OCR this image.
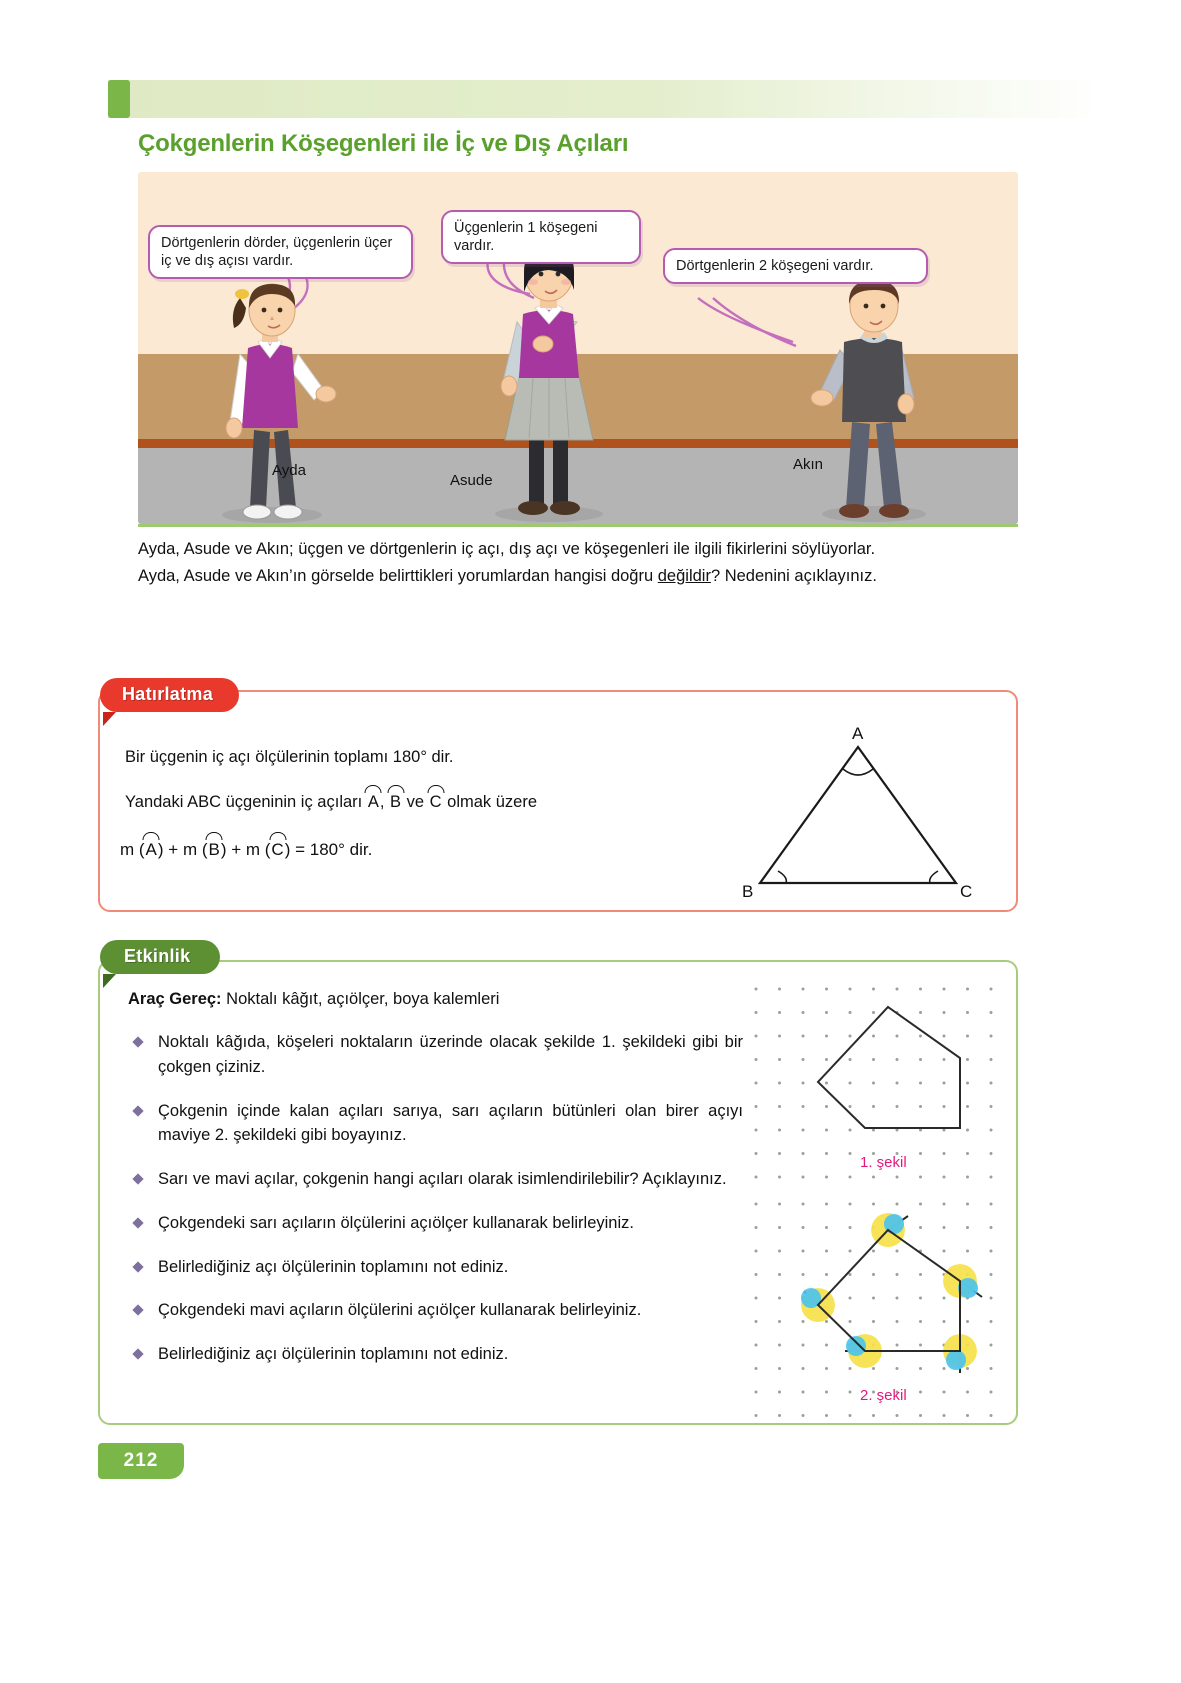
Çokgenlerin Köşegenleri ile İç ve Dış Açıları
Dörtgenlerin dörder, üçgenlerin üçer iç ve dış açısı vardır.
Üçgenlerin 1 köşegeni vardır.
Dörtgenlerin 2 köşegeni vardır.
Ayda
Asude
Akın
Ayda, Asude ve Akın; üçgen ve dörtgenlerin iç açı, dış açı ve köşegenleri ile ilgili fikirlerini söylüyorlar.
Ayda, Asude ve Akın’ın görselde belirttikleri yorumlardan hangisi doğru değildir? Nedenini açıklayınız.
Hatırlatma
Bir üçgenin iç açı ölçülerinin toplamı 180° dir.
Yandaki ABC üçgeninin iç açıları A, B ve C olmak üzere
m (A) + m (B) + m (C) = 180° dir.
A
B	C
Etkinlik
Araç Gereç: Noktalı kâğıt, açıölçer, boya kalemleri
Noktalı kâğıda, köşeleri noktaların üzerinde olacak şekilde 1. şekildeki gibi bir çokgen çiziniz.
Çokgenin içinde kalan açıları sarıya, sarı açıların bütünleri olan birer açıyı maviye 2. şekildeki gibi boyayınız.
Sarı ve mavi açılar, çokgenin hangi açıları olarak isimlendirilebilir? Açıklayınız.
Çokgendeki sarı açıların ölçülerini açıölçer kullanarak belirleyiniz.
Belirlediğiniz açı ölçülerinin toplamını not ediniz.
Çokgendeki mavi açıların ölçülerini açıölçer kullanarak belirleyiniz.
Belirlediğiniz açı ölçülerinin toplamını not ediniz.
1. şekil
2. şekil
212
